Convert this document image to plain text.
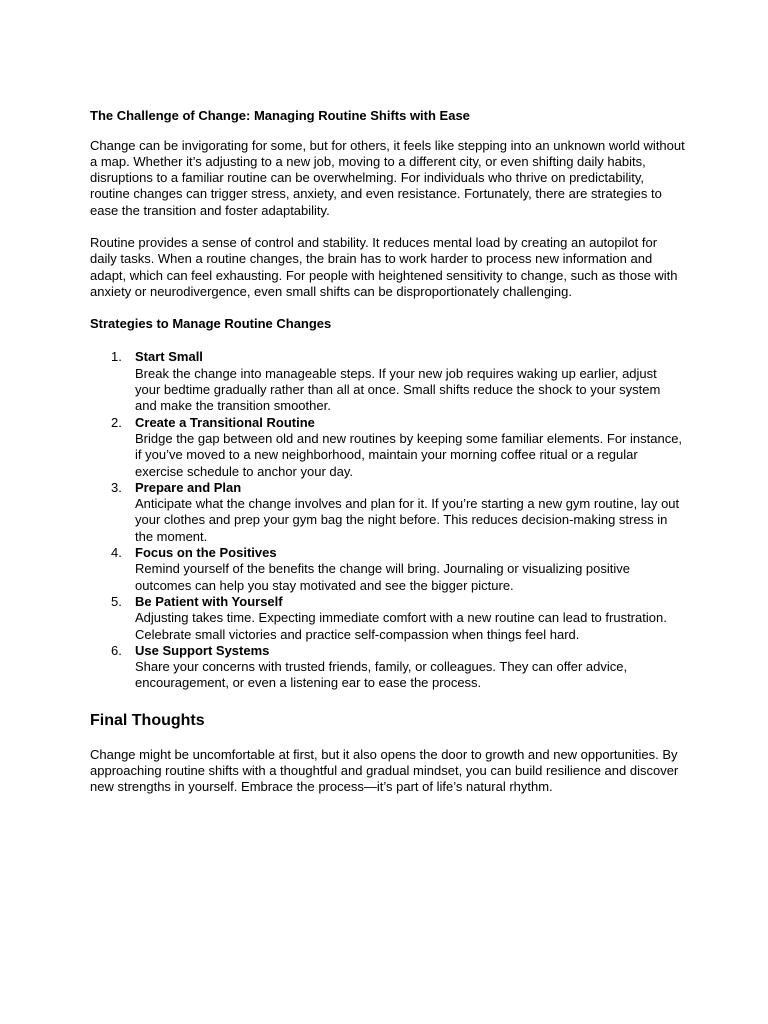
The Challenge of Change: Managing Routine Shifts with Ease

Change can be invigorating for some, but for others, it feels like stepping into an unknown world without a map. Whether it’s adjusting to a new job, moving to a different city, or even shifting daily habits, disruptions to a familiar routine can be overwhelming. For individuals who thrive on predictability, routine changes can trigger stress, anxiety, and even resistance. Fortunately, there are strategies to ease the transition and foster adaptability.

Routine provides a sense of control and stability. It reduces mental load by creating an autopilot for daily tasks. When a routine changes, the brain has to work harder to process new information and adapt, which can feel exhausting. For people with heightened sensitivity to change, such as those with anxiety or neurodivergence, even small shifts can be disproportionately challenging.

Strategies to Manage Routine Changes
1. Start Small
Break the change into manageable steps. If your new job requires waking up earlier, adjust your bedtime gradually rather than all at once. Small shifts reduce the shock to your system and make the transition smoother.
2. Create a Transitional Routine
Bridge the gap between old and new routines by keeping some familiar elements. For instance, if you’ve moved to a new neighborhood, maintain your morning coffee ritual or a regular exercise schedule to anchor your day.
3. Prepare and Plan
Anticipate what the change involves and plan for it. If you’re starting a new gym routine, lay out your clothes and prep your gym bag the night before. This reduces decision-making stress in the moment.
4. Focus on the Positives
Remind yourself of the benefits the change will bring. Journaling or visualizing positive outcomes can help you stay motivated and see the bigger picture.
5. Be Patient with Yourself
Adjusting takes time. Expecting immediate comfort with a new routine can lead to frustration. Celebrate small victories and practice self-compassion when things feel hard.
6. Use Support Systems
Share your concerns with trusted friends, family, or colleagues. They can offer advice, encouragement, or even a listening ear to ease the process.
Final Thoughts

Change might be uncomfortable at first, but it also opens the door to growth and new opportunities. By approaching routine shifts with a thoughtful and gradual mindset, you can build resilience and discover new strengths in yourself. Embrace the process—it’s part of life’s natural rhythm.
